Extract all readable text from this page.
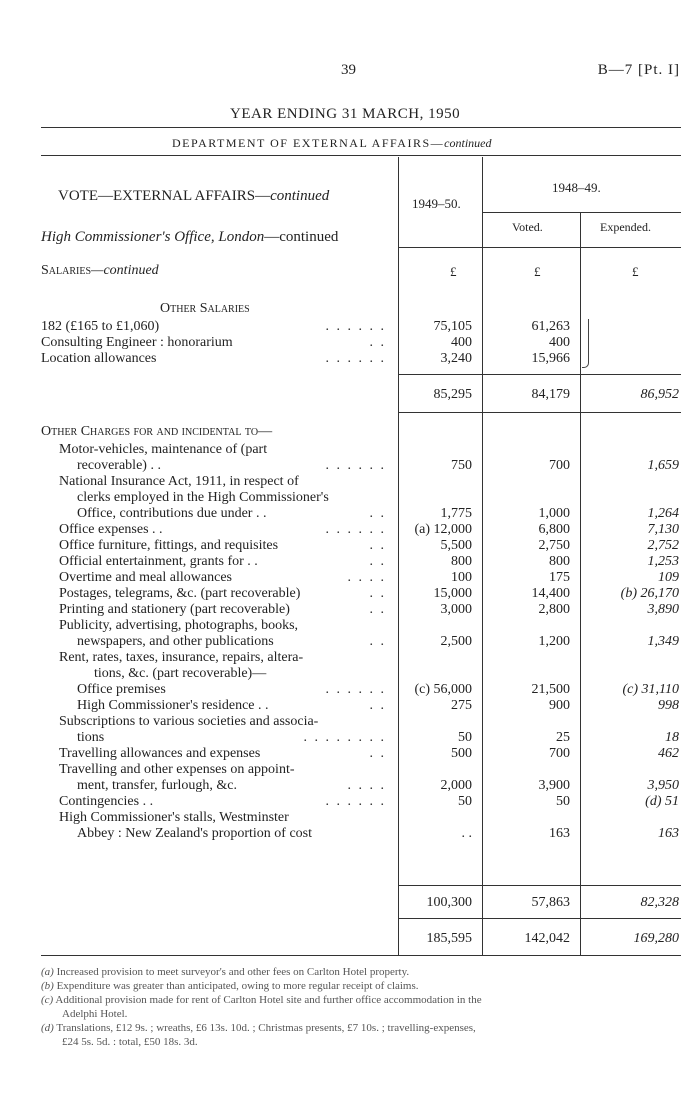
39	B—7 [Pt. I]
YEAR ENDING 31 MARCH, 1950
DEPARTMENT OF EXTERNAL AFFAIRS—continued
VOTE—EXTERNAL AFFAIRS—continued	1949–50.
1948–49.
Voted.	Expended.
High Commissioner's Office, London—continued
Salaries—continued	£	£	£
Other Salaries
182 (£165 to £1,060)	. . . . . .	75,105	61,263
Consulting Engineer : honorarium	. .	400	400
Location allowances	. . . . . .	3,240	15,966
85,295	84,179	86,952
Other Charges for and incidental to—
Motor-vehicles, maintenance of (part
recoverable) . .	. . . . . .	750	700	1,659
National Insurance Act, 1911, in respect of
clerks employed in the High Commissioner's
Office, contributions due under . .	. .	1,775	1,000	1,264
Office expenses . .	. . . . . . (a) 12,000	6,800	7,130
Office furniture, fittings, and requisites	. .	5,500	2,750	2,752
Official entertainment, grants for . .	. .	800	800	1,253
Overtime and meal allowances	. . . .	100	175	109
Postages, telegrams, &c. (part recoverable)	. .	15,000	14,400	(b) 26,170
Printing and stationery (part recoverable)	. .	3,000	2,800	3,890
Publicity, advertising, photographs, books,
newspapers, and other publications	. .	2,500	1,200	1,349
Rent, rates, taxes, insurance, repairs, altera-
tions, &c. (part recoverable)—
Office premises	. . . . . . (c) 56,000	21,500	(c) 31,110
High Commissioner's residence . .	. .	275	900	998
Subscriptions to various societies and associa-
tions	. . . . . . . .	50	25	18
Travelling allowances and expenses	. .	500	700	462
Travelling and other expenses on appoint-
ment, transfer, furlough, &c.	. . . .	2,000	3,900	3,950
Contingencies . .	. . . . . .	50	50	(d) 51
High Commissioner's stalls, Westminster
Abbey : New Zealand's proportion of cost	. .	163	163
100,300	57,863	82,328
185,595	142,042	169,280
(a) Increased provision to meet surveyor's and other fees on Carlton Hotel property.
(b) Expenditure was greater than anticipated, owing to more regular receipt of claims.
(c) Additional provision made for rent of Carlton Hotel site and further office accommodation in the
Adelphi Hotel.
(d) Translations, £12 9s. ; wreaths, £6 13s. 10d. ; Christmas presents, £7 10s. ; travelling-expenses,
£24 5s. 5d. : total, £50 18s. 3d.
